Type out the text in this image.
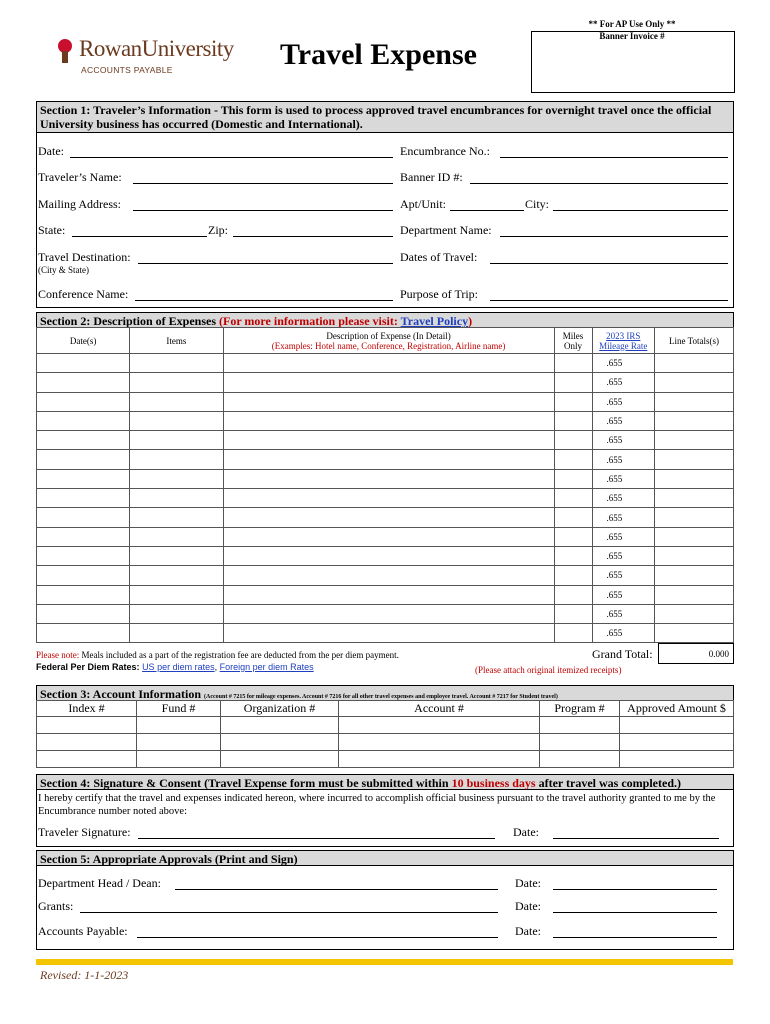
RowanUniversity
ACCOUNTS PAYABLE	Travel Expense
** For AP Use Only **
Banner Invoice #
Section 1: Traveler’s Information - This form is used to process approved travel encumbrances for overnight travel once the official University business has occurred (Domestic and International).
Date:	Encumbrance No.:
Traveler’s Name:	Banner ID #:
Mailing Address:	Apt/Unit:	City:
State:	Zip:	Department Name:
Travel Destination:
(City & State)
Dates of Travel:
Conference Name:	Purpose of Trip:
Section 2: Description of Expenses (For more information please visit: Travel Policy)
Date(s)	Items	Description of Expense (In Detail)
(Examples: Hotel name, Conference, Registration, Airline name)	Miles Only	2023 IRS Mileage Rate	Line Totals(s)
				.655	
				.655	
				.655	
				.655	
				.655	
				.655	
				.655	
				.655	
				.655	
				.655	
				.655	
				.655	
				.655	
				.655	
				.655	
Please note: Meals included as a part of the registration fee are deducted from the per diem payment.
Federal Per Diem Rates: US per diem rates, Foreign per diem Rates
Grand Total:	0.000
(Please attach original itemized receipts)
Section 3: Account Information (Account # 7215 for mileage expenses. Account # 7216 for all other travel expenses and employee travel. Account # 7217 for Student travel)
Index #	Fund #	Organization #	Account #	Program #	Approved Amount $

Section 4: Signature & Consent (Travel Expense form must be submitted within 10 business days after travel was completed.)
I hereby certify that the travel and expenses indicated hereon, where incurred to accomplish official business pursuant to the travel authority granted to me by the Encumbrance number noted above:
Traveler Signature:	Date:
Section 5: Appropriate Approvals (Print and Sign)
Department Head / Dean:	Date:
Grants:	Date:
Accounts Payable:	Date:
Revised: 1-1-2023
